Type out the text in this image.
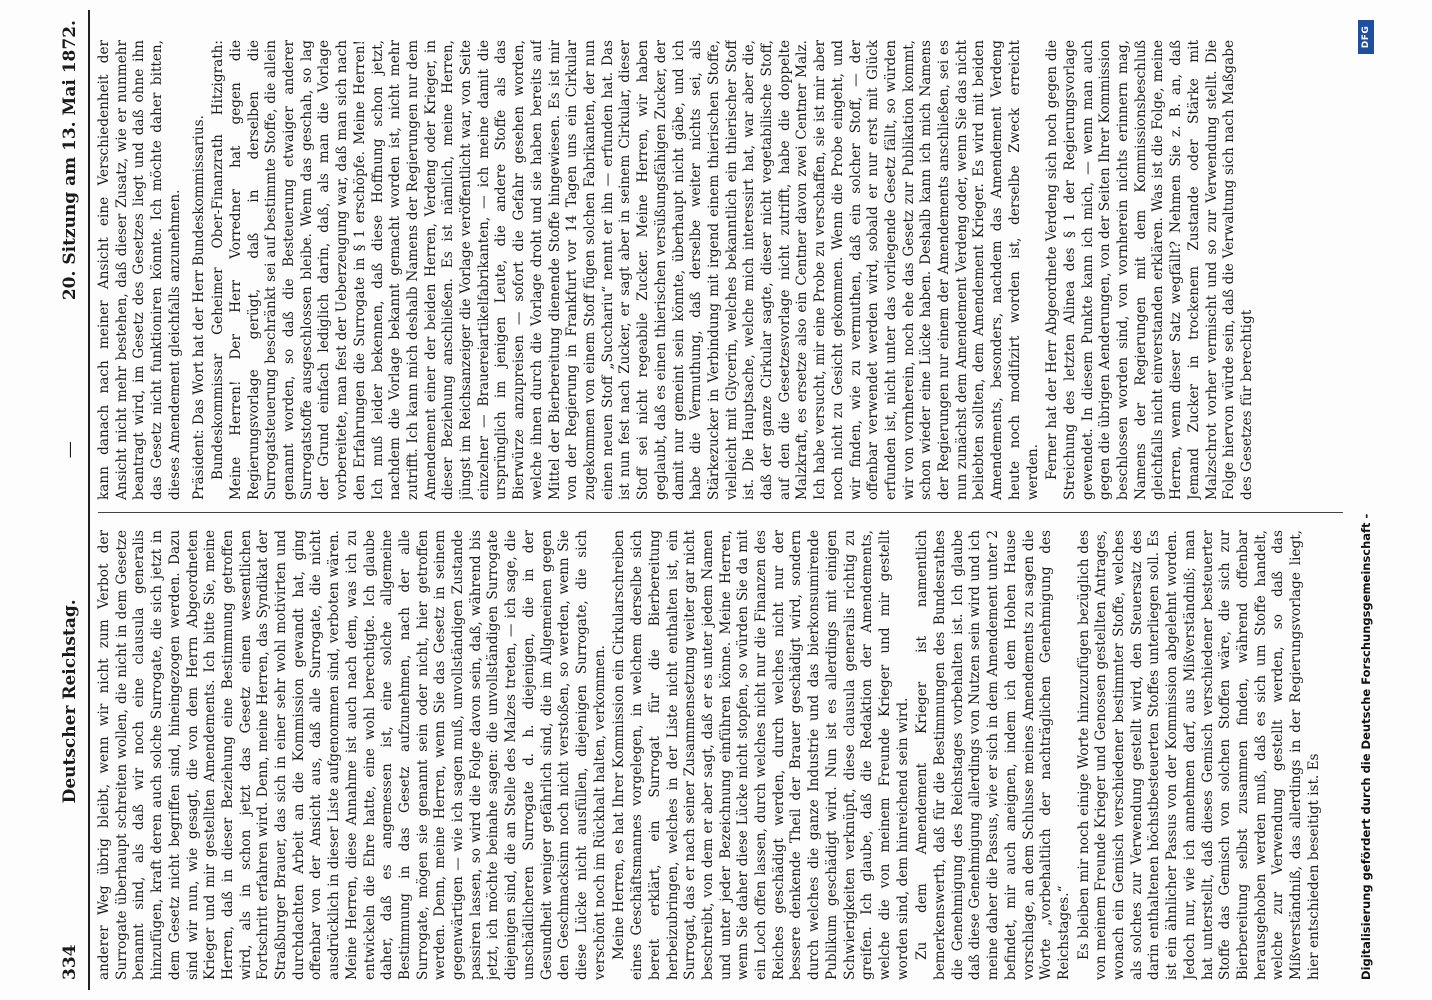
334
Deutscher Reichstag.
—
20. Sitzung am 13. Mai 1872.

anderer Weg übrig bleibt, wenn wir nicht zum Verbot der Surrogate überhaupt schreiten wollen, die nicht in dem Gesetze benannt sind, als daß wir noch eine clausula generalis hinzufügen, kraft deren auch solche Surrogate, die sich jetzt in dem Gesetz nicht begriffen sind, hineingezogen werden. Dazu sind wir nun, wie gesagt, die von dem Herrn Abgeordneten Krieger und mir gestellten Amendements. Ich bitte Sie, meine Herren, daß in dieser Beziehung eine Bestimmung getroffen wird, als in schon jetzt das Gesetz einen wesentlichen Fortschritt erfahren wird. Denn, meine Herren, das Syndikat der Straßburger Brauer, das sich in einer sehr wohl motivirten und durchdachten Arbeit an die Kommission gewandt hat, ging offenbar von der Ansicht aus, daß alle Surrogate, die nicht ausdrücklich in dieser Liste aufgenommen sind, verboten wären. Meine Herren, diese Annahme ist auch nach dem, was ich zu entwickeln die Ehre hatte, eine wohl berechtigte. Ich glaube daher, daß es angemessen ist, eine solche allgemeine Bestimmung in das Gesetz aufzunehmen, nach der alle Surrogate, mögen sie genannt sein oder nicht, hier getroffen werden. Denn, meine Herren, wenn Sie das Gesetz in seinem gegenwärtigen — wie ich sagen muß, unvollständigen Zustande passiren lassen, so wird die Folge davon sein, daß, während bis jetzt, ich möchte beinahe sagen: die unvollständigen Surrogate diejenigen sind, die an Stelle des Malzes treten, — ich sage, die unschädlicheren Surrogate d. h. diejenigen, die in der Gesundheit weniger gefährlich sind, die im Allgemeinen gegen den Geschmacksinn noch nicht verstoßen, so werden, wenn Sie diese Lücke nicht ausfüllen, diejenigen Surrogate, die sich verschönt noch im Rückhalt halten, verkommen. Meine Herren, es hat Ihrer Kommission ein Cirkularschreiben eines Geschäftsmannes vorgelegen, in welchem derselbe sich bereit erklärt, ein Surrogat für die Bierbereitung herbeizubringen, welches in der Liste nicht enthalten ist, ein Surrogat, das er nach seiner Zusammensetzung weiter gar nicht beschreibt, von dem er aber sagt, daß er es unter jedem Namen und unter jeder Bezeichnung einführen könne. Meine Herren, wenn Sie daher diese Lücke nicht stopfen, so würden Sie da mit ein Loch offen lassen, durch welches nicht nur die Finanzen des Reiches geschädigt werden, durch welches nicht nur der bessere denkende Theil der Brauer geschädigt wird, sondern durch welches die ganze Industrie und das bierkonsumirende Publikum geschädigt wird. Nun ist es allerdings mit einigen Schwierigkeiten verknüpft, diese clausula generalis richtig zu greifen. Ich glaube, daß die Redaktion der Amendements, welche die von meinem Freunde Krieger und mir gestellt worden sind, dem hinreichend sein wird. Zu dem Amendement Krieger ist namentlich bemerkenswerth, daß für die Bestimmungen des Bundesrathes die Genehmigung des Reichstages vorbehalten ist. Ich glaube daß diese Genehmigung allerdings von Nutzen sein wird und ich meine daher die Passus, wie er sich in dem Amendement unter 2 befindet, mir auch aneignen, indem ich dem Hohen Hause vorschlage, an dem Schlusse meines Amendements zu sagen die Worte „vorbehaltlich der nachträglichen Genehmigung des Reichstages.“ Es bleiben mir noch einige Worte hinzuzufügen bezüglich des von meinem Freunde Krieger und Genossen gestellten Antrages, wonach ein Gemisch verschiedener bestimmter Stoffe, welches als solches zur Verwendung gestellt wird, den Steuersatz des darin enthaltenen höchstbesteuerten Stoffes unterliegen soll. Es ist ein ähnlicher Passus von der Kommission abgelehnt worden. Jedoch nur, wie ich annehmen darf, aus Mißverständniß; man hat unterstellt, daß dieses Gemisch verschiedener besteuerter Stoffe das Gemisch von solchen Stoffen wäre, die sich zur Bierbereitung selbst zusammen finden, während offenbar herausgehoben werden muß, daß es sich um Stoffe handelt, welche zur Verwendung gestellt werden, so daß das Mißverständniß, das allerdings in der Regierungsvorlage liegt, hier entschieden beseitigt ist. Es

kann danach nach meiner Ansicht eine Verschiedenheit der Ansicht nicht mehr bestehen, daß dieser Zusatz, wie er nunmehr beantragt wird, im Gesetz des Gesetzes liegt und daß ohne ihn das Gesetz nicht funktioniren könnte. Ich möchte daher bitten, dieses Amendement gleichfalls anzunehmen. Präsident: Das Wort hat der Herr Bundeskommissarius. Bundeskommissar Geheimer Ober-Finanzrath Hitzigrath: Meine Herren! Der Herr Vorredner hat gegen die Regierungsvorlage gerügt, daß in derselben die Surrogatsteuerung beschränkt sei auf bestimmte Stoffe, die allein genannt worden, so daß die Besteuerung etwaiger anderer Surrogatstoffe ausgeschlossen bleibe. Wenn das geschah, so lag der Grund einfach lediglich darin, daß, als man die Vorlage vorbereitete, man fest der Ueberzeugung war, daß man sich nach den Erfahrungen die Surrogate in § 1 erschöpfe. Meine Herren! Ich muß leider bekennen, daß diese Hoffnung schon jetzt, nachdem die Vorlage bekannt gemacht worden ist, nicht mehr zutrifft. Ich kann mich deshalb Namens der Regierungen nur dem Amendement einer der beiden Herren, Verdeng oder Krieger, in dieser Beziehung anschließen. Es ist nämlich, meine Herren, jüngst im Reichsanzeiger die Vorlage veröffentlicht war, von Seite einzelner — Brauereiartikelfabrikanten, — ich meine damit die ursprünglich im jenigen Leute, die andere Stoffe als das Bierwürze anzupreisen — sofort die Gefahr gesehen worden, welche ihnen durch die Vorlage droht und sie haben bereits auf Mittel der Bierbereitung dienende Stoffe hingewiesen. Es ist mir von der Regierung in Frankfurt vor 14 Tagen uns ein Cirkular zugekommen von einem Stoff fügen solchen Fabrikanten, der nun einen neuen Stoff „Succhariu“ nennt er ihn — erfunden hat. Das ist nun fest nach Zucker, er sagt aber in seinem Cirkular, dieser Stoff sei nicht regeabile Zucker. Meine Herren, wir haben geglaubt, daß es einen thierischen versüßungsfähigen Zucker, der damit nur gemeint sein könnte, überhaupt nicht gäbe, und ich habe die Vermuthung, daß derselbe weiter nichts sei, als Stärkezucker in Verbindung mit irgend einem thierischen Stoffe, vielleicht mit Glycerin, welches bekanntlich ein thierischer Stoff ist. Die Hauptsache, welche mich interessirt hat, war aber die, daß der ganze Cirkular sagte, dieser nicht vegetabilische Stoff, auf den die Gesetzesvorlage nicht zutrifft, habe die doppelte Malzkraft, es ersetze also ein Centner davon zwei Centner Malz. Ich habe versucht, mir eine Probe zu verschaffen, sie ist mir aber noch nicht zu Gesicht gekommen. Wenn die Probe eingeht, und wir finden, wie zu vermuthen, daß ein solcher Stoff, — der offenbar verwendet werden wird, sobald er nur erst mit Glück erfunden ist, nicht unter das vorliegende Gesetz fällt, so würden wir von vornherein, noch ehe das Gesetz zur Publikation kommt, schon wieder eine Lücke haben. Deshalb kann ich mich Namens der Regierungen nur einem der Amendements anschließen, sei es nun zunächst dem Amendement Verdeng oder, wenn Sie das nicht beliebten sollten, dem Amendement Krieger. Es wird mit beiden Amendements, besonders, nachdem das Amendement Verdeng heute noch modifizirt worden ist, derselbe Zweck erreicht werden. Ferner hat der Herr Abgeordnete Verdeng sich noch gegen die Streichung des letzten Alinea des § 1 der Regierungsvorlage gewendet. In diesem Punkte kann ich mich, — wenn man auch gegen die übrigen Aenderungen, von der Seiten Ihrer Kommission beschlossen worden sind, von vornherein nichts erinnern mag, Namens der Regierungen mit dem Kommissionsbeschluß gleichfalls nicht einverstanden erklären. Was ist die Folge, meine Herren, wenn dieser Satz wegfällt? Nehmen Sie z. B. an, daß Jemand Zucker in trockenem Zustande oder Stärke mit Malzschrot vorher vermischt und so zur Verwendung stellt. Die Folge hiervon würde sein, daß die Verwaltung sich nach Maßgabe des Gesetzes für berechtigt

Digitalisierung gefördert durch die Deutsche Forschungsgemeinschaft -
DFG
